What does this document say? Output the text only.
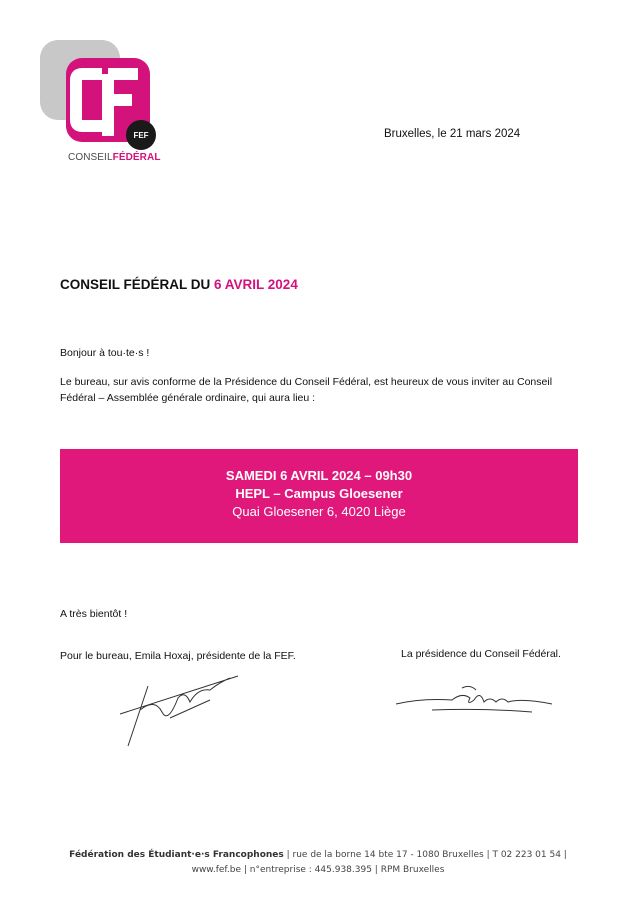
FEF
CONSEILFÉDÉRAL
Bruxelles, le 21 mars 2024
CONSEIL FÉDÉRAL DU 6 AVRIL 2024
Bonjour à tou·te·s !
Le bureau, sur avis conforme de la Présidence du Conseil Fédéral, est heureux de vous inviter au Conseil Fédéral – Assemblée générale ordinaire, qui aura lieu :
SAMEDI 6 AVRIL 2024 – 09h30
HEPL – Campus Gloesener
Quai Gloesener 6, 4020 Liège
A très bientôt !
Pour le bureau, Emila Hoxaj, présidente de la FEF.	La présidence du Conseil Fédéral.
Fédération des Étudiant·e·s Francophones | rue de la borne 14 bte 17 - 1080 Bruxelles | T 02 223 01 54 |
www.fef.be | n°entreprise : 445.938.395 | RPM Bruxelles
